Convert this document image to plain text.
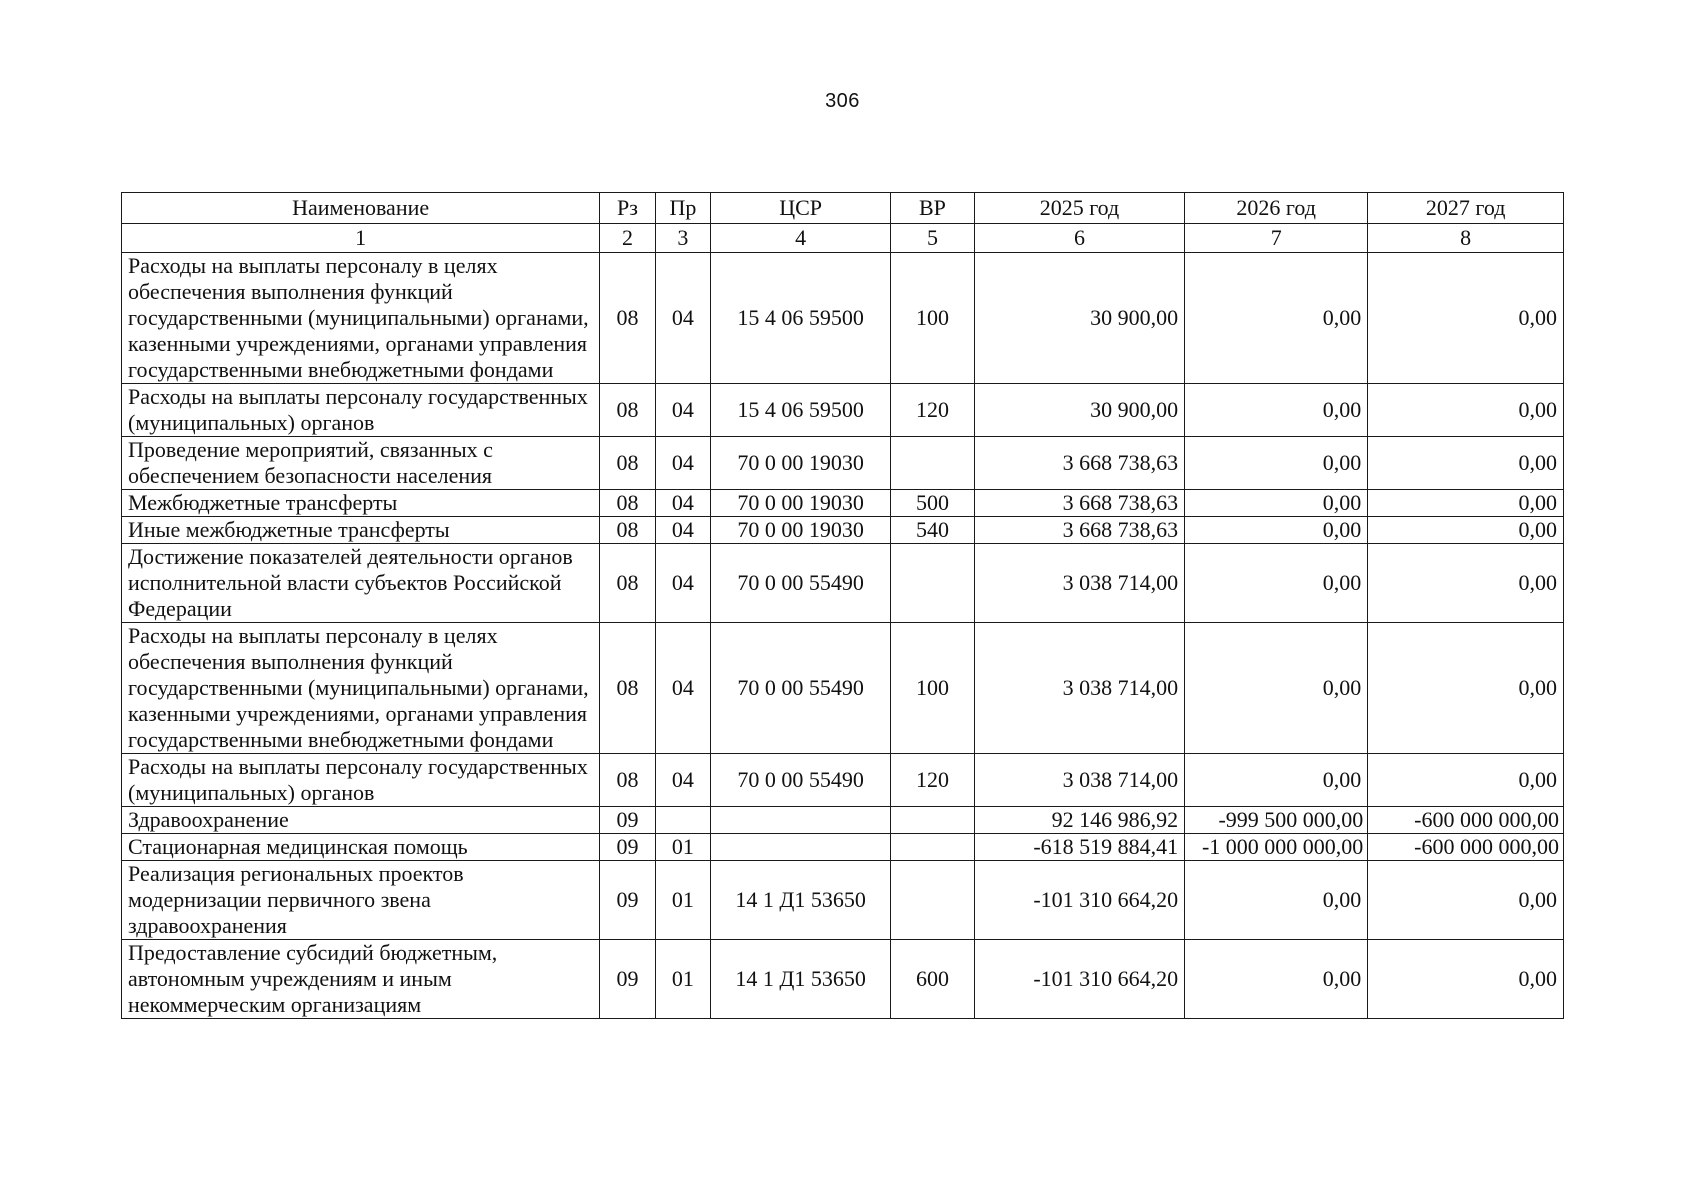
306
Наименование	Рз	Пр	ЦСР	ВР	2025 год	2026 год	2027 год
1	2	3	4	5	6	7	8
Расходы на выплаты персоналу в целях обеспечения выполнения функций государственными (муниципальными) органами, казенными учреждениями, органами управления государственными внебюджетными фондами	08	04	15 4 06 59500	100	30 900,00	0,00	0,00
Расходы на выплаты персоналу государственных (муниципальных) органов	08	04	15 4 06 59500	120	30 900,00	0,00	0,00
Проведение мероприятий, связанных с обеспечением безопасности населения	08	04	70 0 00 19030		3 668 738,63	0,00	0,00
Межбюджетные трансферты	08	04	70 0 00 19030	500	3 668 738,63	0,00	0,00
Иные межбюджетные трансферты	08	04	70 0 00 19030	540	3 668 738,63	0,00	0,00
Достижение показателей деятельности органов исполнительной власти субъектов Российской Федерации	08	04	70 0 00 55490		3 038 714,00	0,00	0,00
Расходы на выплаты персоналу в целях обеспечения выполнения функций государственными (муниципальными) органами, казенными учреждениями, органами управления государственными внебюджетными фондами	08	04	70 0 00 55490	100	3 038 714,00	0,00	0,00
Расходы на выплаты персоналу государственных (муниципальных) органов	08	04	70 0 00 55490	120	3 038 714,00	0,00	0,00
Здравоохранение	09				92 146 986,92	-999 500 000,00	-600 000 000,00
Стационарная медицинская помощь	09	01			-618 519 884,41	-1 000 000 000,00	-600 000 000,00
Реализация региональных проектов модернизации первичного звена здравоохранения	09	01	14 1 Д1 53650		-101 310 664,20	0,00	0,00
Предоставление субсидий бюджетным, автономным учреждениям и иным некоммерческим организациям	09	01	14 1 Д1 53650	600	-101 310 664,20	0,00	0,00
